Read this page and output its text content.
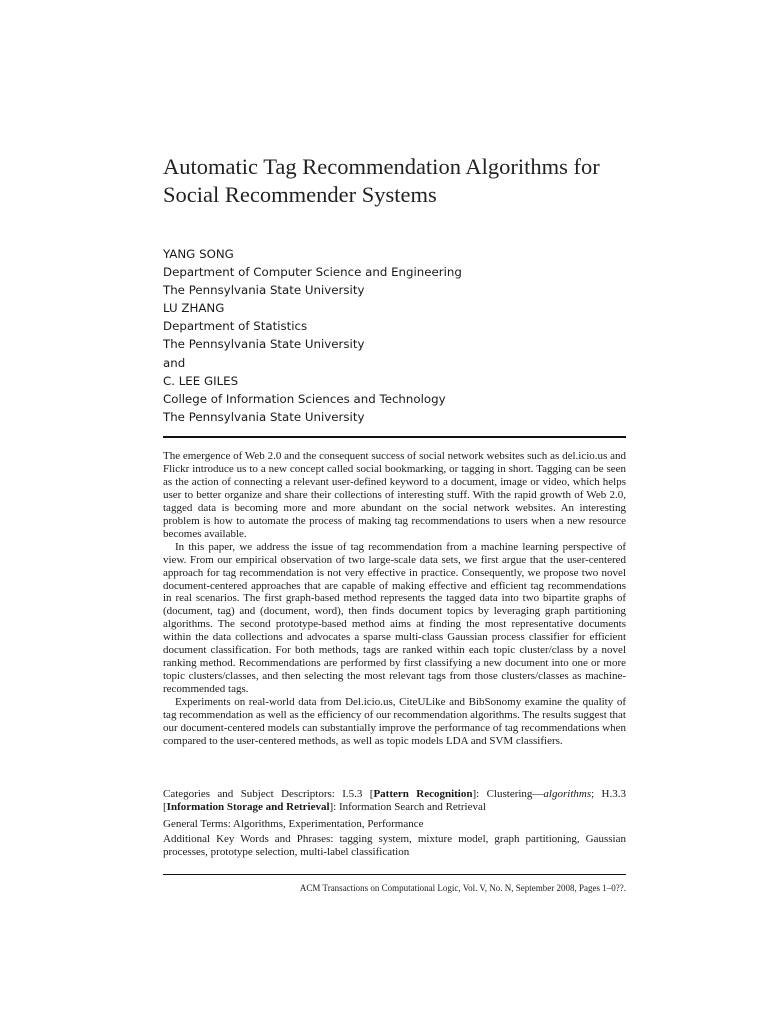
Automatic Tag Recommendation Algorithms for
Social Recommender Systems
YANG SONG
Department of Computer Science and Engineering
The Pennsylvania State University
LU ZHANG
Department of Statistics
The Pennsylvania State University
and
C. LEE GILES
College of Information Sciences and Technology
The Pennsylvania State University

The emergence of Web 2.0 and the consequent success of social network websites such as del.icio.us and Flickr introduce us to a new concept called social bookmarking, or tagging in short. Tagging can be seen as the action of connecting a relevant user-defined keyword to a document, image or video, which helps user to better organize and share their collections of interesting stuff. With the rapid growth of Web 2.0, tagged data is becoming more and more abundant on the social network websites. An interesting problem is how to automate the process of making tag recommendations to users when a new resource becomes available.

In this paper, we address the issue of tag recommendation from a machine learning perspective of view. From our empirical observation of two large-scale data sets, we first argue that the user-centered approach for tag recommendation is not very effective in practice. Consequently, we propose two novel document-centered approaches that are capable of making effective and efficient tag recommendations in real scenarios. The first graph-based method represents the tagged data into two bipartite graphs of (document, tag) and (document, word), then finds document topics by leveraging graph partitioning algorithms. The second prototype-based method aims at finding the most representative documents within the data collections and advocates a sparse multi-class Gaussian process classifier for efficient document classification. For both methods, tags are ranked within each topic cluster/class by a novel ranking method. Recommendations are performed by first classifying a new document into one or more topic clusters/classes, and then selecting the most relevant tags from those clusters/classes as machine-recommended tags.

Experiments on real-world data from Del.icio.us, CiteULike and BibSonomy examine the quality of tag recommendation as well as the efficiency of our recommendation algorithms. The results suggest that our document-centered models can substantially improve the performance of tag recommendations when compared to the user-centered methods, as well as topic models LDA and SVM classifiers.

Categories and Subject Descriptors: I.5.3 [Pattern Recognition]: Clustering—algorithms; H.3.3 [Information Storage and Retrieval]: Information Search and Retrieval
General Terms: Algorithms, Experimentation, Performance
Additional Key Words and Phrases: tagging system, mixture model, graph partitioning, Gaussian processes, prototype selection, multi-label classification
ACM Transactions on Computational Logic, Vol. V, No. N, September 2008, Pages 1–0??.
